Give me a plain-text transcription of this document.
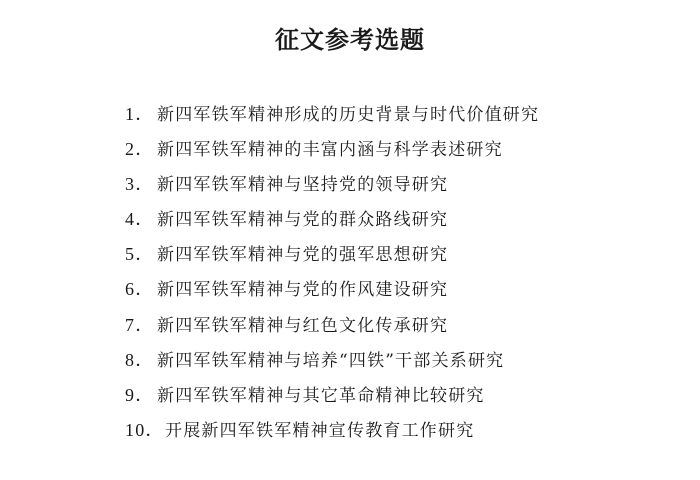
征文参考选题
1． 新四军铁军精神形成的历史背景与时代价值研究
2． 新四军铁军精神的丰富内涵与科学表述研究
3． 新四军铁军精神与坚持党的领导研究
4． 新四军铁军精神与党的群众路线研究
5． 新四军铁军精神与党的强军思想研究
6． 新四军铁军精神与党的作风建设研究
7． 新四军铁军精神与红色文化传承研究
8． 新四军铁军精神与培养“四铁”干部关系研究
9． 新四军铁军精神与其它革命精神比较研究
10． 开展新四军铁军精神宣传教育工作研究
